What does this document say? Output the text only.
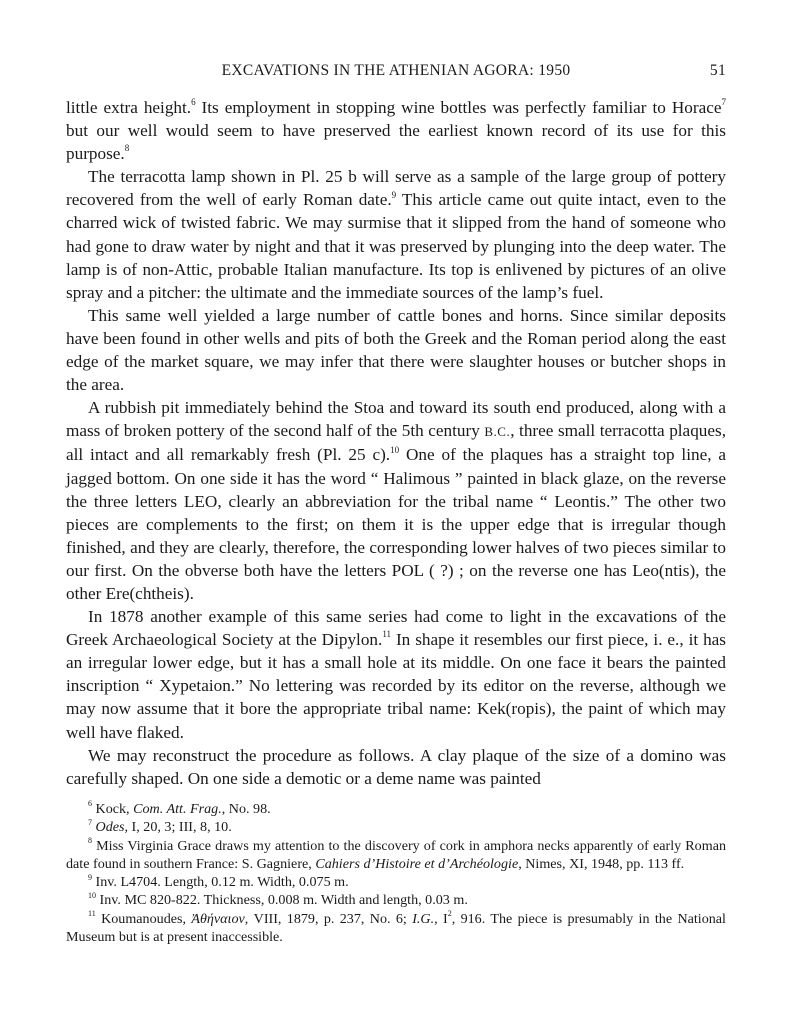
EXCAVATIONS IN THE ATHENIAN AGORA: 1950	51

little extra height.$^6$ Its employment in stopping wine bottles was perfectly familiar to Horace$^7$ but our well would seem to have preserved the earliest known record of its use for this purpose.$^8$

The terracotta lamp shown in Pl. 25 b will serve as a sample of the large group of pottery recovered from the well of early Roman date.$^9$ This article came out quite intact, even to the charred wick of twisted fabric. We may surmise that it slipped from the hand of someone who had gone to draw water by night and that it was preserved by plunging into the deep water. The lamp is of non-Attic, probable Italian manufacture. Its top is enlivened by pictures of an olive spray and a pitcher: the ultimate and the immediate sources of the lamp’s fuel.

This same well yielded a large number of cattle bones and horns. Since similar deposits have been found in other wells and pits of both the Greek and the Roman period along the east edge of the market square, we may infer that there were slaughter houses or butcher shops in the area.

A rubbish pit immediately behind the Stoa and toward its south end produced, along with a mass of broken pottery of the second half of the 5th century B.C., three small terracotta plaques, all intact and all remarkably fresh (Pl. 25 c).$^{10}$ One of the plaques has a straight top line, a jagged bottom. On one side it has the word “ Halimous ” painted in black glaze, on the reverse the three letters LEO, clearly an abbreviation for the tribal name “ Leontis.” The other two pieces are complements to the first; on them it is the upper edge that is irregular though finished, and they are clearly, therefore, the corresponding lower halves of two pieces similar to our first. On the obverse both have the letters POL ( ?) ; on the reverse one has Leo(ntis), the other Ere(chtheis).

In 1878 another example of this same series had come to light in the excavations of the Greek Archaeological Society at the Dipylon.$^{11}$ In shape it resembles our first piece, i. e., it has an irregular lower edge, but it has a small hole at its middle. On one face it bears the painted inscription “ Xypetaion.” No lettering was recorded by its editor on the reverse, although we may now assume that it bore the appropriate tribal name: Kek(ropis), the paint of which may well have flaked.

We may reconstruct the procedure as follows. A clay plaque of the size of a domino was carefully shaped. On one side a demotic or a deme name was painted

$^6$ Kock, Com. Att. Frag., No. 98.

$^7$ Odes, I, 20, 3; III, 8, 10.

$^8$ Miss Virginia Grace draws my attention to the discovery of cork in amphora necks apparently of early Roman date found in southern France: S. Gagniere, Cahiers d’Histoire et d’Archéologie, Nimes, XI, 1948, pp. 113 ff.

$^9$ Inv. L4704. Length, 0.12 m. Width, 0.075 m.

$^{10}$ Inv. MC 820-822. Thickness, 0.008 m. Width and length, 0.03 m.

$^{11}$ Koumanoudes, Ἀθήναιον, VIII, 1879, p. 237, No. 6; I.G., $I^2$, 916. The piece is presumably in the National Museum but is at present inaccessible.
